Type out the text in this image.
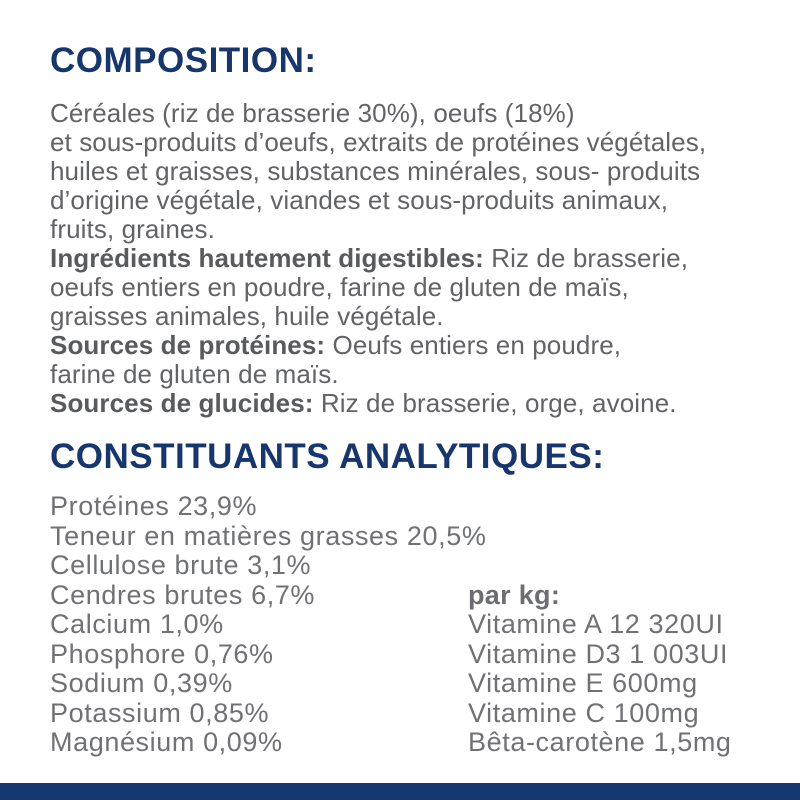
COMPOSITION:
Céréales (riz de brasserie 30%), oeufs (18%)
et sous-produits d’oeufs, extraits de protéines végétales,
huiles et graisses, substances minérales, sous- produits
d’origine végétale, viandes et sous-produits animaux,
fruits, graines.
Ingrédients hautement digestibles: Riz de brasserie,
oeufs entiers en poudre, farine de gluten de maïs,
graisses animales, huile végétale.
Sources de protéines: Oeufs entiers en poudre,
farine de gluten de maïs.
Sources de glucides: Riz de brasserie, orge, avoine.
CONSTITUANTS ANALYTIQUES:
Protéines 23,9%
Teneur en matières grasses 20,5%
Cellulose brute 3,1%
Cendres brutes 6,7%
Calcium 1,0%
Phosphore 0,76%
Sodium 0,39%
Potassium 0,85%
Magnésium 0,09%
par kg:
Vitamine A 12 320UI
Vitamine D3 1 003UI
Vitamine E 600mg
Vitamine C 100mg
Bêta-carotène 1,5mg
